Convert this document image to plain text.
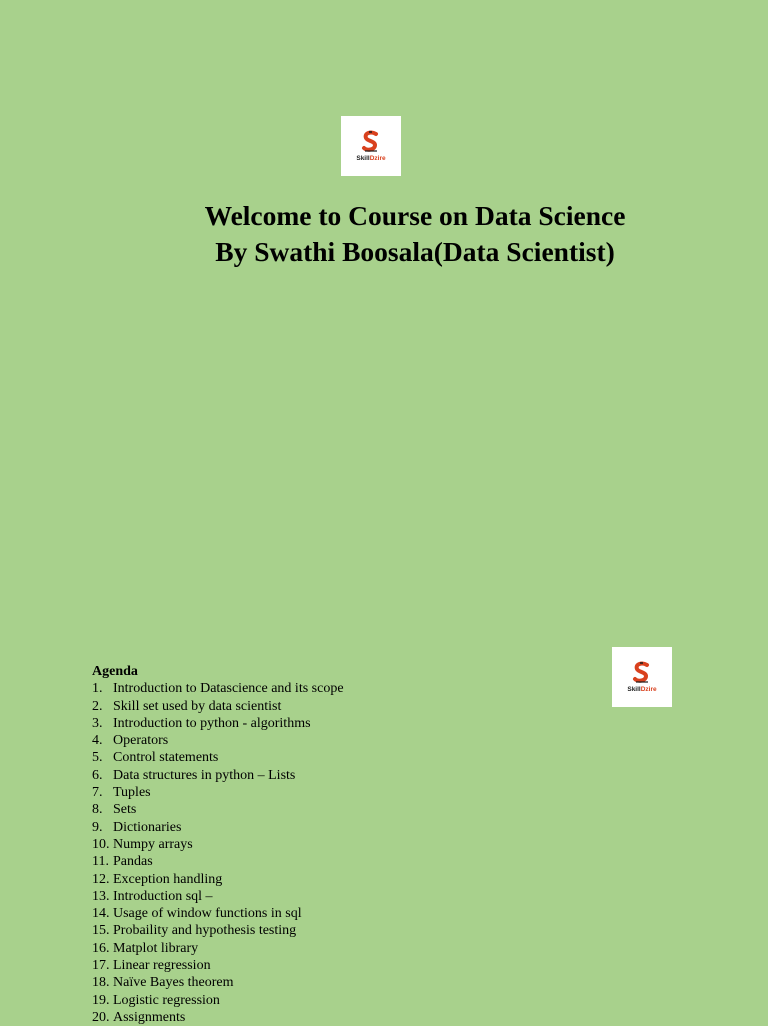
SkillDzire
Welcome to Course on Data Science
By Swathi Boosala(Data Scientist)
SkillDzire
Agenda
1. Introduction to Datascience and its scope
2. Skill set used by data scientist
3. Introduction to python - algorithms
4. Operators
5. Control statements
6. Data structures in python – Lists
7. Tuples
8. Sets
9. Dictionaries
10. Numpy arrays
11. Pandas
12. Exception handling
13. Introduction sql –
14. Usage of window functions in sql
15. Probaility and hypothesis testing
16. Matplot library
17. Linear regression
18. Naïve Bayes theorem
19. Logistic regression
20. Assignments
